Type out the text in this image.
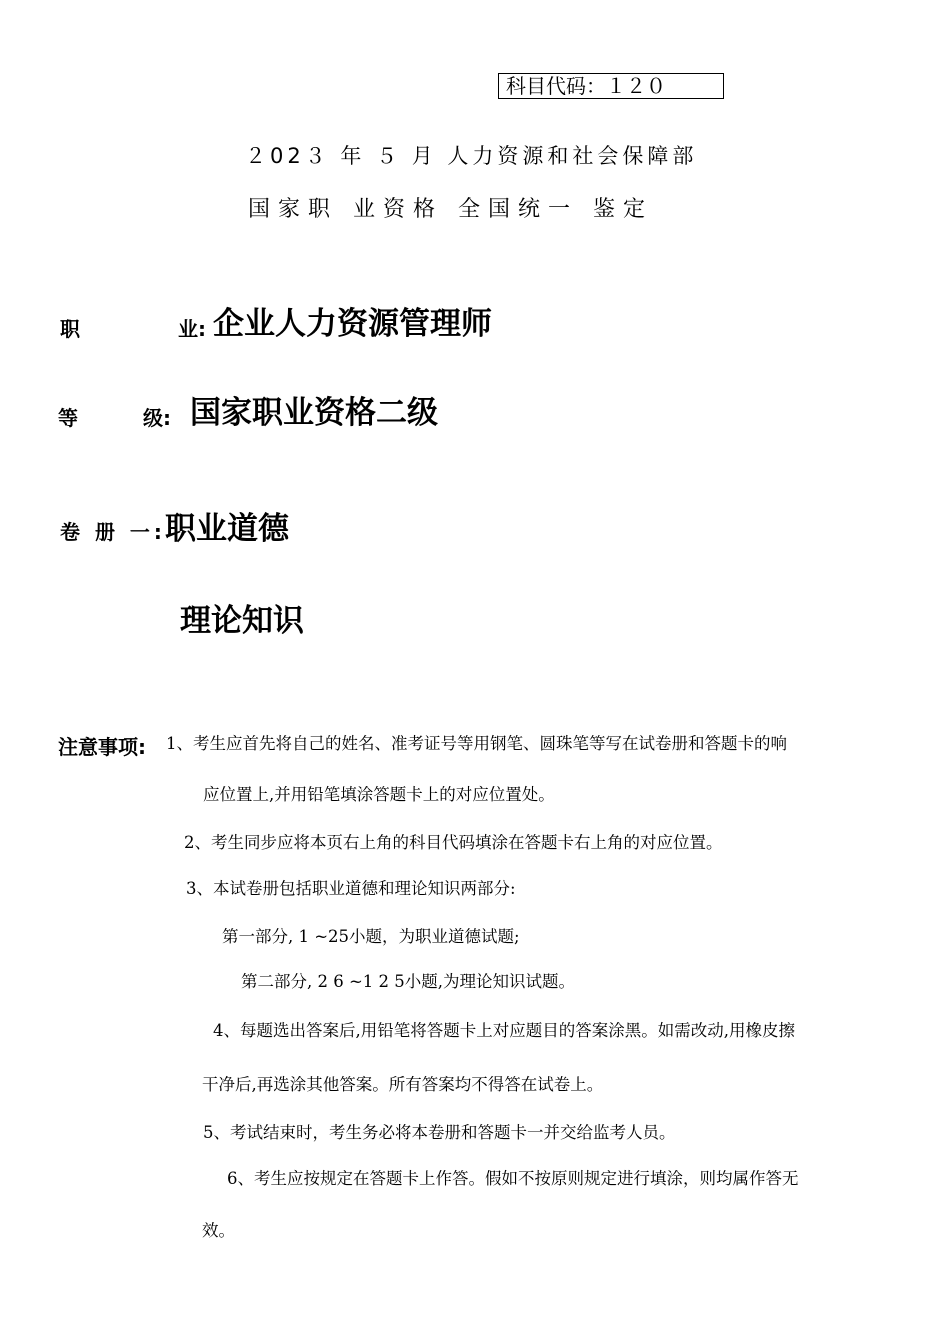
科目代码：１２０
２02３ 年 ５ 月 人力资源和社会保障部
国家职 业资格 全国统一 鉴定
职	业: 企业人力资源管理师
等	级: 国家职业资格二级
卷 册 一: 职业道德
理论知识
注意事项: 1、考生应首先将自己的姓名、准考证号等用钢笔、圆珠笔等写在试卷册和答题卡的响
应位置上,并用铅笔填涂答题卡上的对应位置处。
2、考生同步应将本页右上角的科目代码填涂在答题卡右上角的对应位置。
3、本试卷册包括职业道德和理论知识两部分:
第一部分, 1 ~25小题，为职业道德试题;
第二部分, 2 6 ~1 2 5小题,为理论知识试题。
4、每题选出答案后,用铅笔将答题卡上对应题目的答案涂黑。如需改动,用橡皮擦
干净后,再选涂其他答案。所有答案均不得答在试卷上。
5、考试结束时，考生务必将本卷册和答题卡一并交给监考人员。
6、考生应按规定在答题卡上作答。假如不按原则规定进行填涂，则均属作答无
效。
